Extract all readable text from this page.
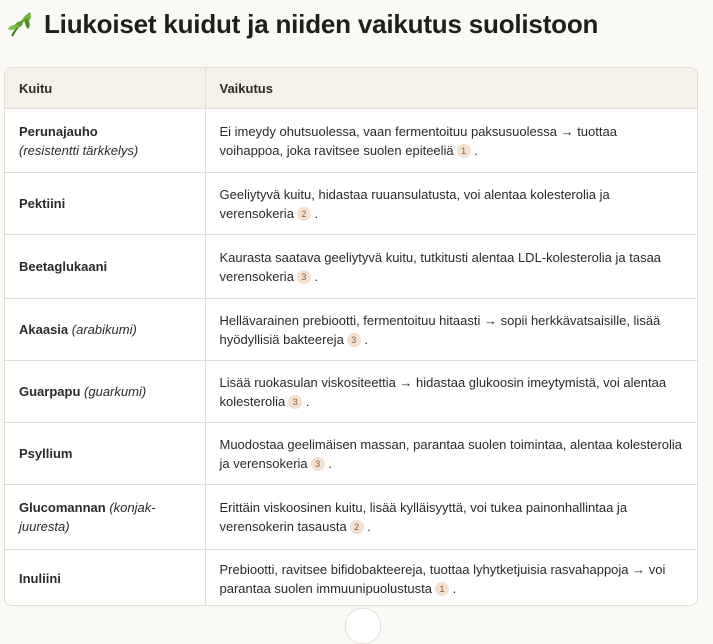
Liukoiset kuidut ja niiden vaikutus suolistoon
Kuitu	Vaikutus
Perunajauho
(resistentti tärkkelys)	Ei imeydy ohutsuolessa, vaan fermentoituu paksusuolessa → tuottaa voihappoa, joka ravitsee suolen epiteeliä 1 .
Pektiini	Geeliytyvä kuitu, hidastaa ruuansulatusta, voi alentaa kolesterolia ja verensokeria 2 .
Beetaglukaani	Kaurasta saatava geeliytyvä kuitu, tutkitusti alentaa LDL-kolesterolia ja tasaa verensokeria 3 .
Akaasia (arabikumi)	Hellävarainen prebiootti, fermentoituu hitaasti → sopii herkkävatsaisille, lisää hyödyllisiä bakteereja 3 .
Guarpapu (guarkumi)	Lisää ruokasulan viskositeettia → hidastaa glukoosin imeytymistä, voi alentaa kolesterolia 3 .
Psyllium	Muodostaa geelimäisen massan, parantaa suolen toimintaa, alentaa kolesterolia ja verensokeria 3 .
Glucomannan (konjak-juuresta)	Erittäin viskoosinen kuitu, lisää kylläisyyttä, voi tukea painonhallintaa ja verensokerin tasausta 2 .
Inuliini	Prebiootti, ravitsee bifidobakteereja, tuottaa lyhytketjuisia rasvahappoja → voi parantaa suolen immuunipuolustusta 1 .
